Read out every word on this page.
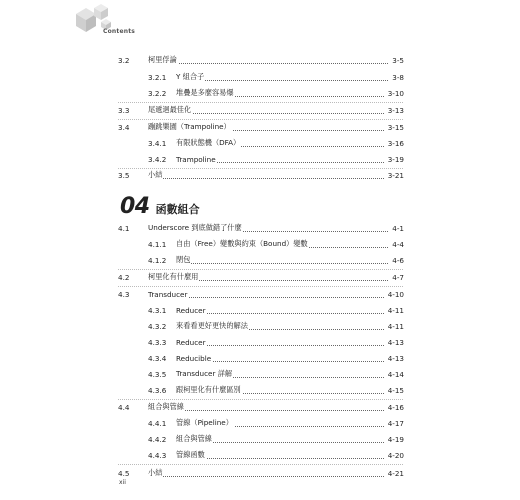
Contents
3.2	柯里俘論	3-5
3.2.1 Y 組合子	3-8
3.2.2 堆疊是多麼容易爆	3-10
3.3	尾遞迴最佳化	3-13
3.4	蹦跳樂園（Trampoline）	3-15
3.4.1 有限狀態機（DFA）	3-16
3.4.2 Trampoline	3-19
3.5	小結	3-21
04 函數組合
4.1	Underscore 到底做錯了什麼	4-1
4.1.1 自由（Free）變數與約束（Bound）變數	4-4
4.1.2 閉包	4-6
4.2	柯里化有什麼用	4-7
4.3	Transducer	4-10
4.3.1 Reducer	4-11
4.3.2 來看看更好更快的解法	4-11
4.3.3 Reducer	4-13
4.3.4 Reducible	4-13
4.3.5 Transducer 詳解	4-14
4.3.6 跟柯里化有什麼區別	4-15
4.4	組合與管線	4-16
4.4.1 管線（Pipeline）	4-17
4.4.2 組合與管線	4-19
4.4.3 管線函數	4-20
4.5	小結	4-21
xii
